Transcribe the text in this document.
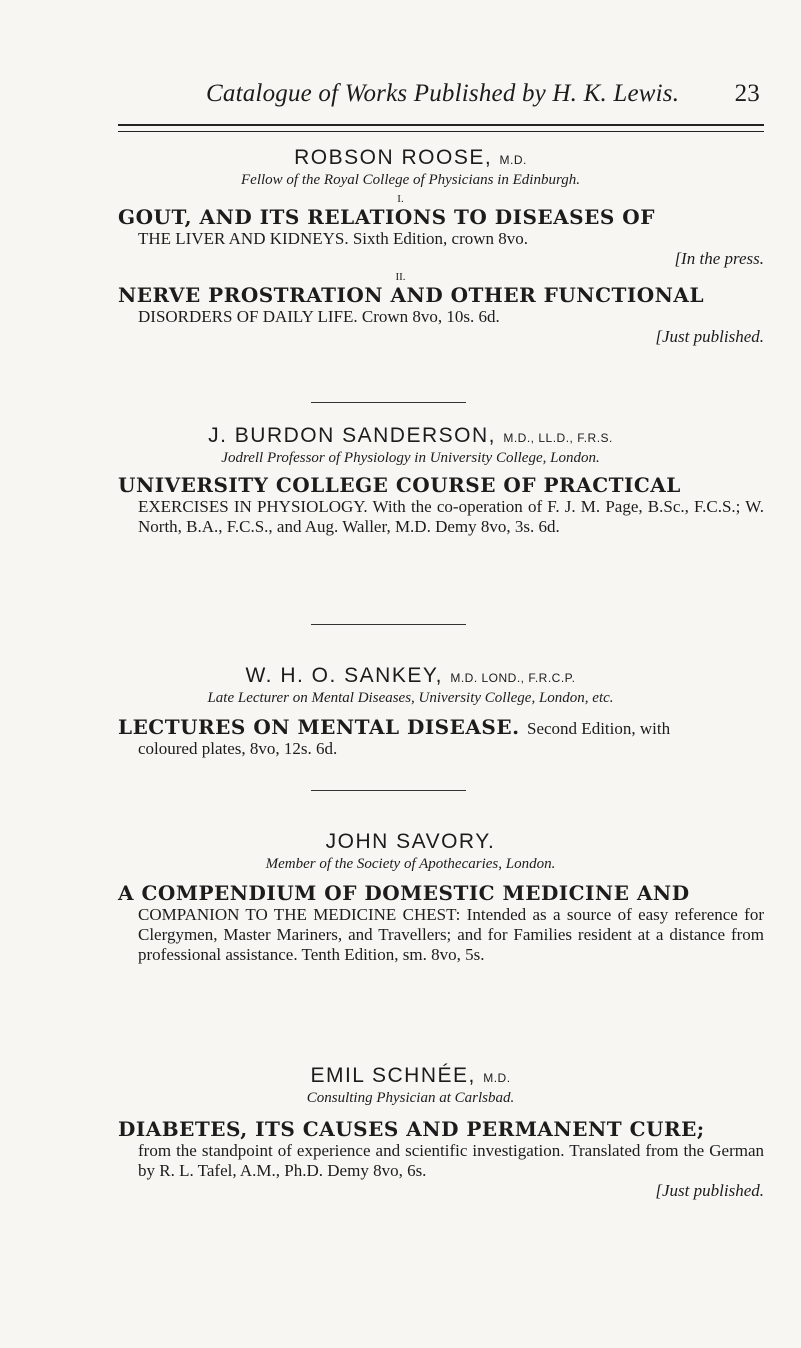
Catalogue of Works Published by H. K. Lewis. 23
ROBSON ROOSE, M.D.
Fellow of the Royal College of Physicians in Edinburgh.
I.
GOUT, AND ITS RELATIONS TO DISEASES OF
THE LIVER AND KIDNEYS. Sixth Edition, crown 8vo.
[In the press.
II.
NERVE PROSTRATION AND OTHER FUNCTIONAL
DISORDERS OF DAILY LIFE. Crown 8vo, 10s. 6d.
[Just published.
J. BURDON SANDERSON, M.D., LL.D., F.R.S.
Jodrell Professor of Physiology in University College, London.
UNIVERSITY COLLEGE COURSE OF PRACTICAL
EXERCISES IN PHYSIOLOGY. With the co-operation of F. J. M. Page, B.Sc., F.C.S.; W. North, B.A., F.C.S., and Aug. Waller, M.D. Demy 8vo, 3s. 6d.
W. H. O. SANKEY, M.D. LOND., F.R.C.P.
Late Lecturer on Mental Diseases, University College, London, etc.
LECTURES ON MENTAL DISEASE. Second Edition, with
coloured plates, 8vo, 12s. 6d.
JOHN SAVORY.
Member of the Society of Apothecaries, London.
A COMPENDIUM OF DOMESTIC MEDICINE AND
COMPANION TO THE MEDICINE CHEST: Intended as a source of easy reference for Clergymen, Master Mariners, and Travellers; and for Families resident at a distance from professional assistance. Tenth Edition, sm. 8vo, 5s.
EMIL SCHNÉE, M.D.
Consulting Physician at Carlsbad.
DIABETES, ITS CAUSES AND PERMANENT CURE;
from the standpoint of experience and scientific investigation. Translated from the German by R. L. Tafel, A.M., Ph.D. Demy 8vo, 6s.
[Just published.
